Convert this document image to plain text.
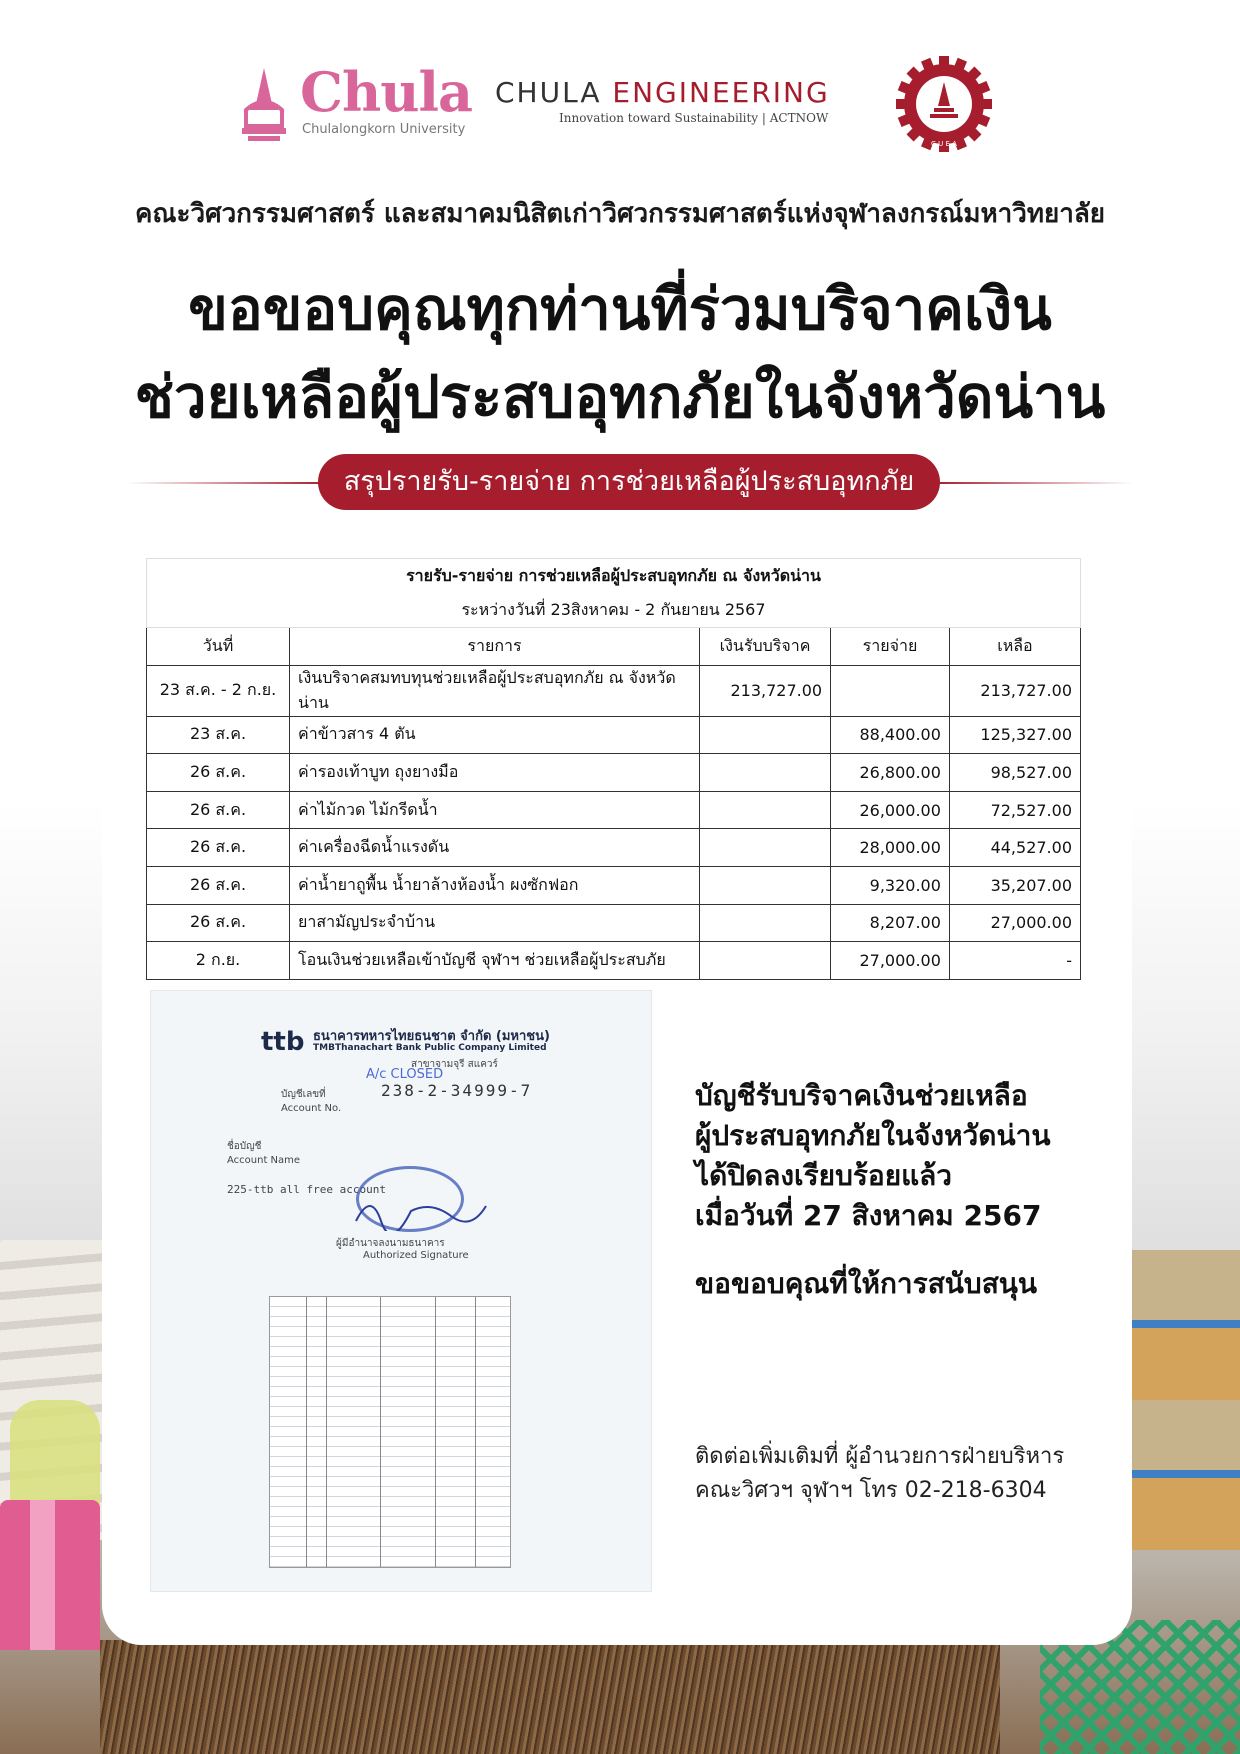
Chula
Chulalongkorn University
CHULA ENGINEERING
Innovation toward Sustainability | ACTNOW
C U E A
คณะวิศวกรรมศาสตร์ และสมาคมนิสิตเก่าวิศวกรรมศาสตร์แห่งจุฬาลงกรณ์มหาวิทยาลัย
ขอขอบคุณทุกท่านที่ร่วมบริจาคเงิน
ช่วยเหลือผู้ประสบอุทกภัยในจังหวัดน่าน
สรุปรายรับ-รายจ่าย การช่วยเหลือผู้ประสบอุทกภัย
รายรับ-รายจ่าย การช่วยเหลือผู้ประสบอุทกภัย ณ จังหวัดน่าน				
ระหว่างวันที่ 23สิงหาคม - 2 กันยายน 2567				
วันที่	รายการ	เงินรับบริจาค	รายจ่าย	เหลือ
23 ส.ค. - 2 ก.ย.	เงินบริจาคสมทบทุนช่วยเหลือผู้ประสบอุทกภัย ณ จังหวัดน่าน	213,727.00		213,727.00
23 ส.ค.	ค่าข้าวสาร 4 ตัน		88,400.00	125,327.00
26 ส.ค.	ค่ารองเท้าบูท ถุงยางมือ		26,800.00	98,527.00
26 ส.ค.	ค่าไม้กวด ไม้กรีดน้ำ		26,000.00	72,527.00
26 ส.ค.	ค่าเครื่องฉีดน้ำแรงดัน		28,000.00	44,527.00
26 ส.ค.	ค่าน้ำยาถูพื้น น้ำยาล้างห้องน้ำ ผงซักฟอก		9,320.00	35,207.00
26 ส.ค.	ยาสามัญประจำบ้าน		8,207.00	27,000.00
2 ก.ย.	โอนเงินช่วยเหลือเข้าบัญชี จุฬาฯ ช่วยเหลือผู้ประสบภัย		27,000.00	-
ttb ธนาคารทหารไทยธนชาต จำกัด (มหาชน)
TMBThanachart Bank Public Company Limited
สาขาจามจุรี สแควร์
A/c CLOSED
บัญชีเลขที่	238-2-34999-7
Account No.
ชื่อบัญชี
Account Name
225-ttb all free account
ผู้มีอำนาจลงนามธนาคาร
Authorized Signature
บัญชีรับบริจาคเงินช่วยเหลือ
ผู้ประสบอุทกภัยในจังหวัดน่าน
ได้ปิดลงเรียบร้อยแล้ว
เมื่อวันที่ 27 สิงหาคม 2567
ขอขอบคุณที่ให้การสนับสนุน
ติดต่อเพิ่มเติมที่ ผู้อำนวยการฝ่ายบริหาร
คณะวิศวฯ จุฬาฯ โทร 02-218-6304
